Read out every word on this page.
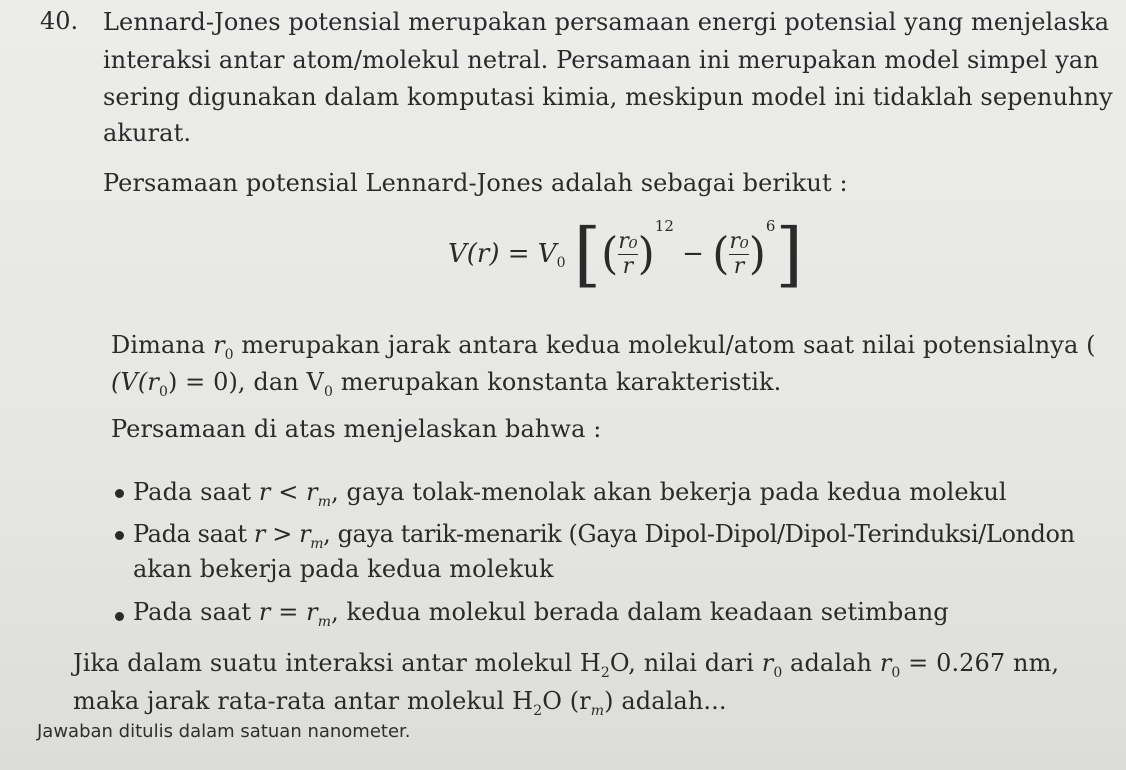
40. Lennard-Jones potensial merupakan persamaan energi potensial yang menjelaska
interaksi antar atom/molekul netral. Persamaan ini merupakan model simpel yan
sering digunakan dalam komputasi kimia, meskipun model ini tidaklah sepenuhny
akurat.
Persamaan potensial Lennard-Jones adalah sebagai berikut :
$V(r) = V_0$ [( $\frac{\text{r₀}}{r} )^{12}$ − ( $\frac{\text{r₀}}{r} )^6$]
Dimana $r_0$ merupakan jarak antara kedua molekul/atom saat nilai potensialnya (
$(V(r_0) = 0)$, dan $V_0$ merupakan konstanta karakteristik.
Persamaan di atas menjelaskan bahwa :
Pada saat $r < r_m$, gaya tolak-menolak akan bekerja pada kedua molekul
Pada saat $r > r_m$, gaya tarik-menarik (Gaya Dipol-Dipol/Dipol-Terinduksi/London
akan bekerja pada kedua molekuk
Pada saat $r = r_m$, kedua molekul berada dalam keadaan setimbang
Jika dalam suatu interaksi antar molekul $H_2O$, nilai dari $r_0$ adalah $r_0 = 0.267$ nm,
maka jarak rata-rata antar molekul $H_2O$ $(r_m)$ adalah...
Jawaban ditulis dalam satuan nanometer.
